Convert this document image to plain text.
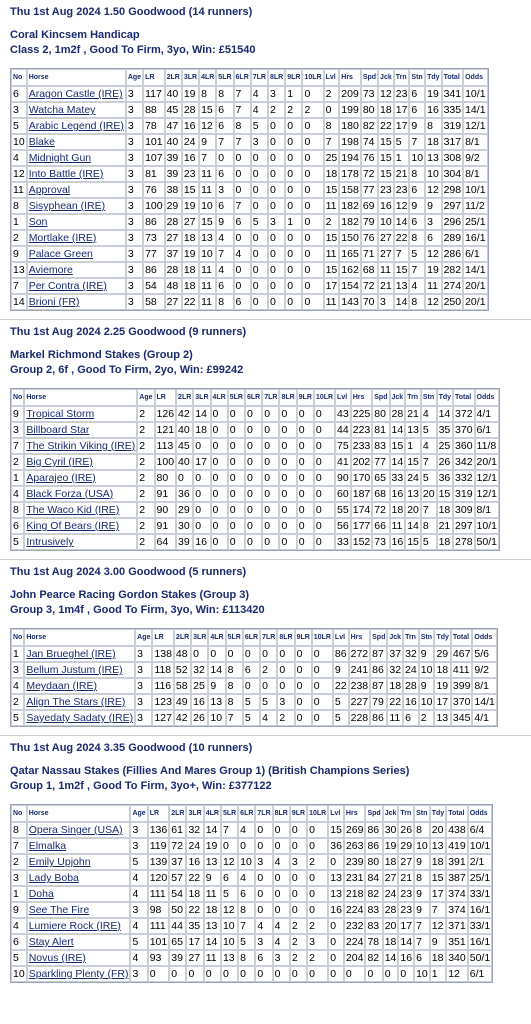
Thu 1st Aug 2024 1.50 Goodwood (14 runners)
Coral Kincsem Handicap
Class 2, 1m2f , Good To Firm, 3yo, Win: £51540
No	Horse	Age	LR	2LR	3LR	4LR	5LR	6LR	7LR	8LR	9LR	10LR	Lvl	Hrs	Spd	Jck	Trn	Stn	Tdy	Total	Odds
6	Aragon Castle (IRE)	3	117	40	19	8	8	7	4	3	1	0	2	209	73	12	23	6	19	341	10/1
3	Watcha Matey	3	88	45	28	15	6	7	4	2	2	2	0	199	80	18	17	6	16	335	14/1
5	Arabic Legend (IRE)	3	78	47	16	12	6	8	5	0	0	0	8	180	82	22	17	9	8	319	12/1
10	Blake	3	101	40	24	9	7	7	3	0	0	0	7	198	74	15	5	7	18	317	8/1
4	Midnight Gun	3	107	39	16	7	0	0	0	0	0	0	25	194	76	15	1	10	13	308	9/2
12	Into Battle (IRE)	3	81	39	23	11	6	0	0	0	0	0	18	178	72	15	21	8	10	304	8/1
11	Approval	3	76	38	15	11	3	0	0	0	0	0	15	158	77	23	23	6	12	298	10/1
8	Sisyphean (IRE)	3	100	29	19	10	6	7	0	0	0	0	11	182	69	16	12	9	9	297	11/2
1	Son	3	86	28	27	15	9	6	5	3	1	0	2	182	79	10	14	6	3	296	25/1
2	Mortlake (IRE)	3	73	27	18	13	4	0	0	0	0	0	15	150	76	27	22	8	6	289	16/1
9	Palace Green	3	77	37	19	10	7	4	0	0	0	0	11	165	71	27	7	5	12	286	6/1
13	Aviemore	3	86	28	18	11	4	0	0	0	0	0	15	162	68	11	15	7	19	282	14/1
7	Per Contra (IRE)	3	54	48	18	11	6	0	0	0	0	0	17	154	72	21	13	4	11	274	20/1
14	Brioni (FR)	3	58	27	22	11	8	6	0	0	0	0	11	143	70	3	14	8	12	250	20/1
Thu 1st Aug 2024 2.25 Goodwood (9 runners)
Markel Richmond Stakes (Group 2)
Group 2, 6f , Good To Firm, 2yo, Win: £99242
No	Horse	Age	LR	2LR	3LR	4LR	5LR	6LR	7LR	8LR	9LR	10LR	Lvl	Hrs	Spd	Jck	Trn	Stn	Tdy	Total	Odds
9	Tropical Storm	2	126	42	14	0	0	0	0	0	0	0	43	225	80	28	21	4	14	372	4/1
3	Billboard Star	2	121	40	18	0	0	0	0	0	0	0	44	223	81	14	13	5	35	370	6/1
7	The Strikin Viking (IRE)	2	113	45	0	0	0	0	0	0	0	0	75	233	83	15	1	4	25	360	11/8
2	Big Cyril (IRE)	2	100	40	17	0	0	0	0	0	0	0	41	202	77	14	15	7	26	342	20/1
1	Aparajeo (IRE)	2	80	0	0	0	0	0	0	0	0	0	90	170	65	33	24	5	36	332	12/1
4	Black Forza (USA)	2	91	36	0	0	0	0	0	0	0	0	60	187	68	16	13	20	15	319	12/1
8	The Waco Kid (IRE)	2	90	29	0	0	0	0	0	0	0	0	55	174	72	18	20	7	18	309	8/1
6	King Of Bears (IRE)	2	91	30	0	0	0	0	0	0	0	0	56	177	66	11	14	8	21	297	10/1
5	Intrusively	2	64	39	16	0	0	0	0	0	0	0	33	152	73	16	15	5	18	278	50/1
Thu 1st Aug 2024 3.00 Goodwood (5 runners)
John Pearce Racing Gordon Stakes (Group 3)
Group 3, 1m4f , Good To Firm, 3yo, Win: £113420
No	Horse	Age	LR	2LR	3LR	4LR	5LR	6LR	7LR	8LR	9LR	10LR	Lvl	Hrs	Spd	Jck	Trn	Stn	Tdy	Total	Odds
1	Jan Brueghel (IRE)	3	138	48	0	0	0	0	0	0	0	0	86	272	87	37	32	9	29	467	5/6
3	Bellum Justum (IRE)	3	118	52	32	14	8	6	2	0	0	0	9	241	86	32	24	10	18	411	9/2
4	Meydaan (IRE)	3	116	58	25	9	8	0	0	0	0	0	22	238	87	18	28	9	19	399	8/1
2	Align The Stars (IRE)	3	123	49	16	13	8	5	5	3	0	0	5	227	79	22	16	10	17	370	14/1
5	Sayedaty Sadaty (IRE)	3	127	42	26	10	7	5	4	2	0	0	5	228	86	11	6	2	13	345	4/1
Thu 1st Aug 2024 3.35 Goodwood (10 runners)
Qatar Nassau Stakes (Fillies And Mares Group 1) (British Champions Series)
Group 1, 1m2f , Good To Firm, 3yo+, Win: £377122
No	Horse	Age	LR	2LR	3LR	4LR	5LR	6LR	7LR	8LR	9LR	10LR	Lvl	Hrs	Spd	Jck	Trn	Stn	Tdy	Total	Odds
8	Opera Singer (USA)	3	136	61	32	14	7	4	0	0	0	0	15	269	86	30	26	8	20	438	6/4
7	Elmalka	3	119	72	24	19	0	0	0	0	0	0	36	263	86	19	29	10	13	419	10/1
2	Emily Upjohn	5	139	37	16	13	12	10	3	4	3	2	0	239	80	18	27	9	18	391	2/1
3	Lady Boba	4	120	57	22	9	6	4	0	0	0	0	13	231	84	27	21	8	15	387	25/1
1	Doha	4	111	54	18	11	5	6	0	0	0	0	13	218	82	24	23	9	17	374	33/1
9	See The Fire	3	98	50	22	18	12	8	0	0	0	0	16	224	83	28	23	9	7	374	16/1
4	Lumiere Rock (IRE)	4	111	44	35	13	10	7	4	4	2	2	0	232	83	20	17	7	12	371	33/1
6	Stay Alert	5	101	65	17	14	10	5	3	4	2	3	0	224	78	18	14	7	9	351	16/1
5	Novus (IRE)	4	93	39	27	11	13	8	6	3	2	2	0	204	82	14	16	6	18	340	50/1
10	Sparkling Plenty (FR)	3	0	0	0	0	0	0	0	0	0	0	0	0	0	0	0	10	1	12	6/1
